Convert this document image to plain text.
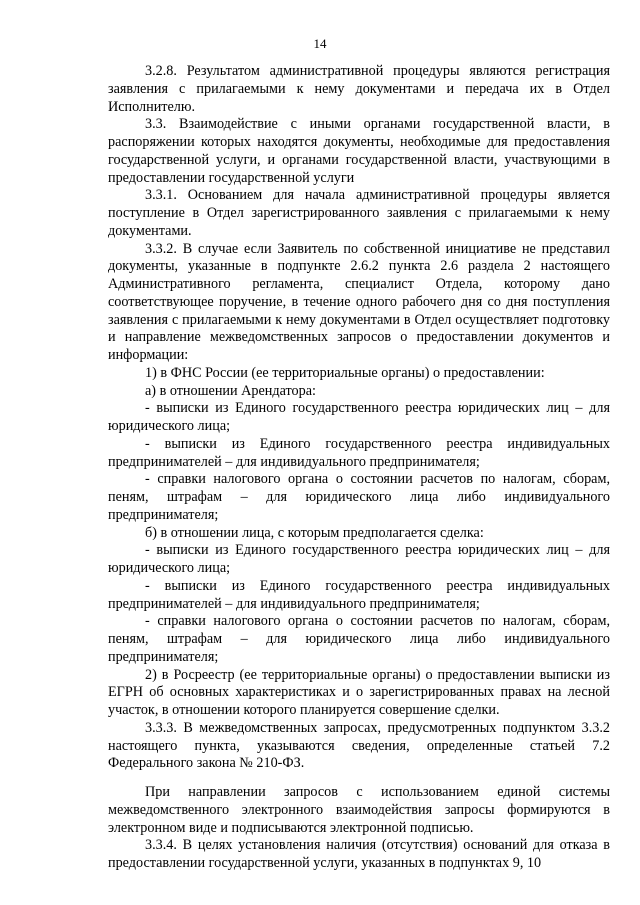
14

3.2.8. Результатом административной процедуры являются регистрация заявления с прилагаемыми к нему документами и передача их в Отдел Исполнителю.

3.3. Взаимодействие с иными органами государственной власти, в распоряжении которых находятся документы, необходимые для предоставления государственной услуги, и органами государственной власти, участвующими в предоставлении государственной услуги

3.3.1. Основанием для начала административной процедуры является поступление в Отдел зарегистрированного заявления с прилагаемыми к нему документами.

3.3.2. В случае если Заявитель по собственной инициативе не представил документы, указанные в подпункте 2.6.2 пункта 2.6 раздела 2 настоящего Административного регламента, специалист Отдела, которому дано соответствующее поручение, в течение одного рабочего дня со дня поступления заявления с прилагаемыми к нему документами в Отдел осуществляет подготовку и направление межведомственных запросов о предоставлении документов и информации:

1) в ФНС России (ее территориальные органы) о предоставлении:

а) в отношении Арендатора:

- выписки из Единого государственного реестра юридических лиц – для юридического лица;

- выписки из Единого государственного реестра индивидуальных предпринимателей – для индивидуального предпринимателя;

- справки налогового органа о состоянии расчетов по налогам, сборам, пеням, штрафам – для юридического лица либо индивидуального предпринимателя;

б) в отношении лица, с которым предполагается сделка:

- выписки из Единого государственного реестра юридических лиц – для юридического лица;

- выписки из Единого государственного реестра индивидуальных предпринимателей – для индивидуального предпринимателя;

- справки налогового органа о состоянии расчетов по налогам, сборам, пеням, штрафам – для юридического лица либо индивидуального предпринимателя;

2) в Росреестр (ее территориальные органы) о предоставлении выписки из ЕГРН об основных характеристиках и о зарегистрированных правах на лесной участок, в отношении которого планируется совершение сделки.

3.3.3. В межведомственных запросах, предусмотренных подпунктом 3.3.2 настоящего пункта, указываются сведения, определенные статьей 7.2 Федерального закона № 210-ФЗ.

При направлении запросов с использованием единой системы межведомственного электронного взаимодействия запросы формируются в электронном виде и подписываются электронной подписью.

3.3.4. В целях установления наличия (отсутствия) оснований для отказа в предоставлении государственной услуги, указанных в подпунктах 9, 10
